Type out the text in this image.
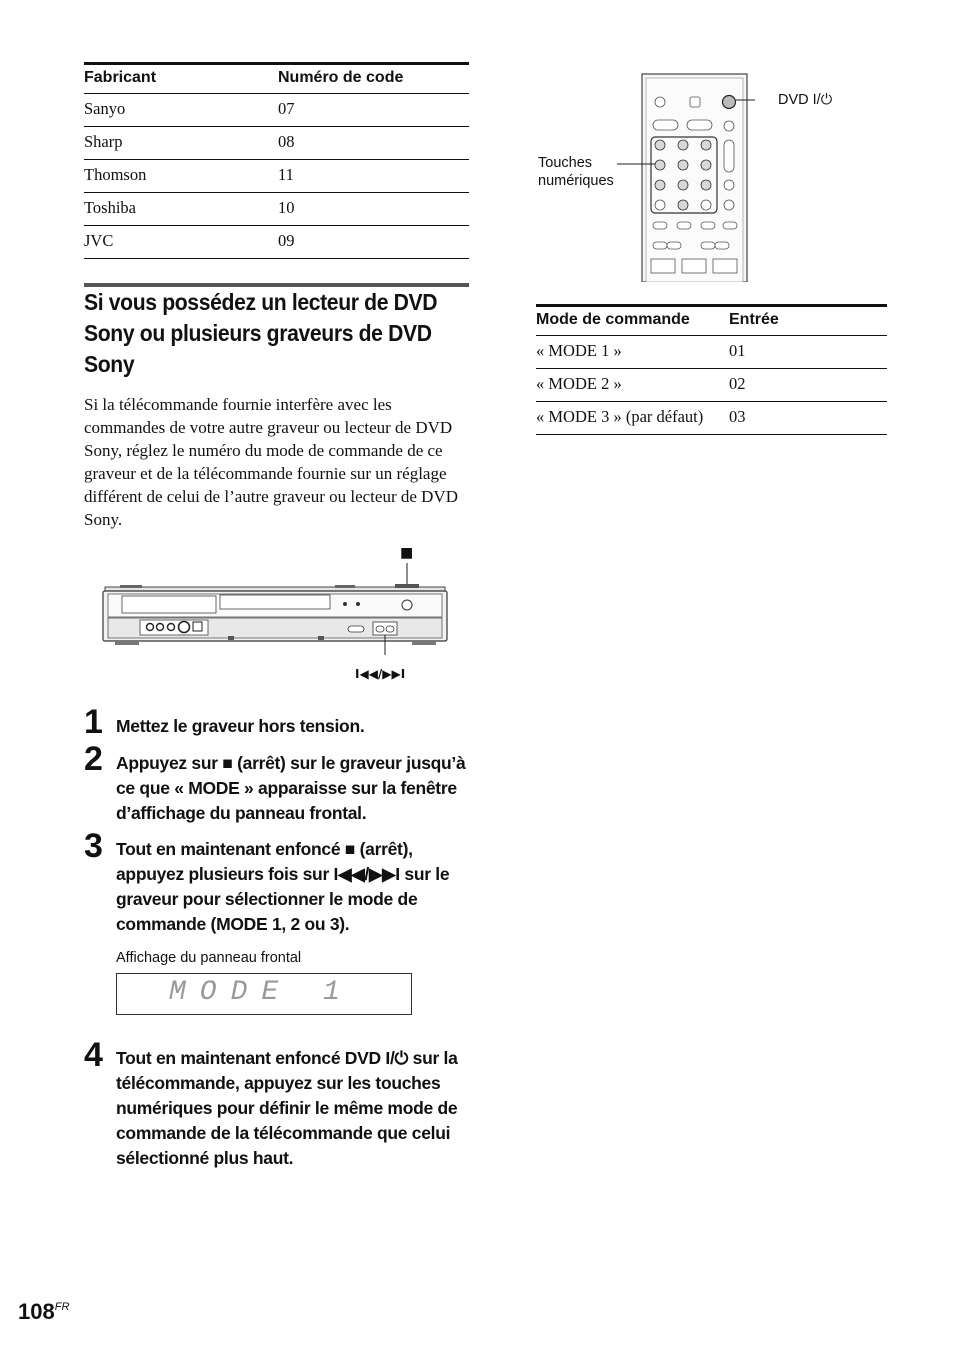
Fabricant	Numéro de code
Sanyo	07
Sharp	08
Thomson	11
Toshiba	10
JVC	09
Si vous possédez un lecteur de DVD
Sony ou plusieurs graveurs de DVD
Sony
Si la télécommande fournie interfère avec les commandes de votre autre graveur ou lecteur de DVD Sony, réglez le numéro du mode de commande de ce graveur et de la télécommande fournie sur un réglage différent de celui de l’autre graveur ou lecteur de DVD Sony.
■
I◀◀/▶▶I
1 Mettez le graveur hors tension.
2 Appuyez sur ■ (arrêt) sur le graveur jusqu’à ce que « MODE » apparaisse sur la fenêtre d’affichage du panneau frontal.
3 Tout en maintenant enfoncé ■ (arrêt), appuyez plusieurs fois sur I◀◀/▶▶I sur le graveur pour sélectionner le mode de commande (MODE 1, 2 ou 3).
Affichage du panneau frontal
MODE 1
4 Tout en maintenant enfoncé DVD I/⏻ sur la télécommande, appuyez sur les touches numériques pour définir le même mode de commande de la télécommande que celui sélectionné plus haut.
DVD I/⏻
Touches
numériques
Mode de commande	Entrée
« MODE 1 »	01
« MODE 2 »	02
« MODE 3 » (par défaut)	03
$108^{FR}$
